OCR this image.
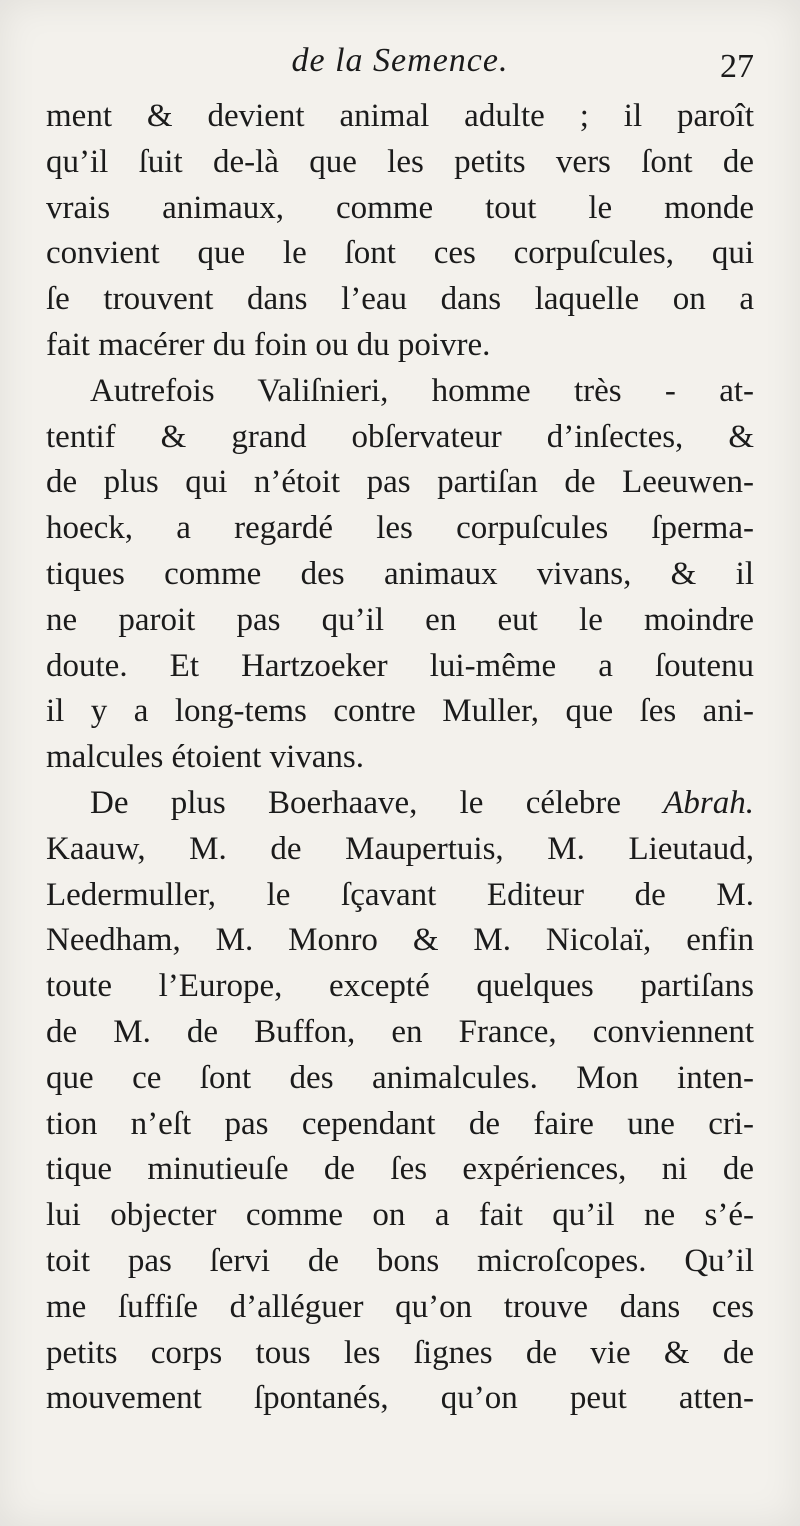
de la Semence.	27
ment & devient animal adulte ; il paroît
qu’il ſuit de-là que les petits vers ſont de
vrais animaux, comme tout le monde
convient que le ſont ces corpuſcules, qui
ſe trouvent dans l’eau dans laquelle on a
fait macérer du foin ou du poivre.
Autrefois Valiſnieri, homme très - at-
tentif & grand obſervateur d’inſectes, &
de plus qui n’étoit pas partiſan de Leeuwen-
hoeck, a regardé les corpuſcules ſperma-
tiques comme des animaux vivans, & il
ne paroit pas qu’il en eut le moindre
doute. Et Hartzoeker lui-même a ſoutenu
il y a long-tems contre Muller, que ſes ani-
malcules étoient vivans.
De plus Boerhaave, le célebre Abrah.
Kaauw, M. de Maupertuis, M. Lieutaud,
Ledermuller, le ſçavant Editeur de M.
Needham, M. Monro & M. Nicolaï, enfin
toute l’Europe, excepté quelques partiſans
de M. de Buffon, en France, conviennent
que ce ſont des animalcules. Mon inten-
tion n’eſt pas cependant de faire une cri-
tique minutieuſe de ſes expériences, ni de
lui objecter comme on a fait qu’il ne s’é-
toit pas ſervi de bons microſcopes. Qu’il
me ſuffiſe d’alléguer qu’on trouve dans ces
petits corps tous les ſignes de vie & de
mouvement ſpontanés, qu’on peut atten-
